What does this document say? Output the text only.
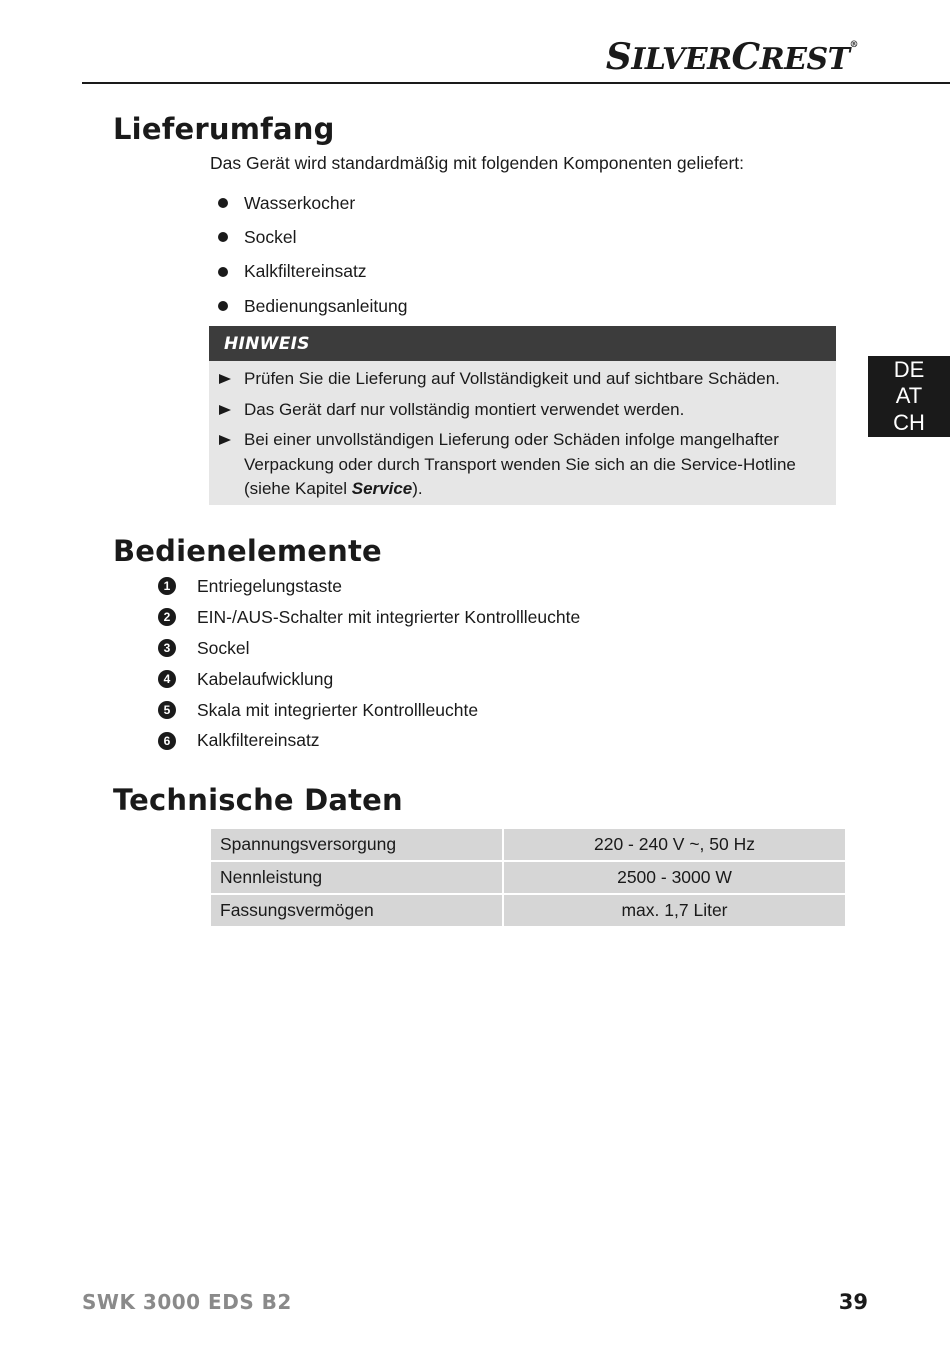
SILVERCREST®
Lieferumfang

Das Gerät wird standardmäßig mit folgenden Komponenten geliefert:

Wasserkocher
Sockel
Kalkfiltereinsatz
Bedienungsanleitung
HINWEIS
Prüfen Sie die Lieferung auf Vollständigkeit und auf sichtbare Schäden.
Das Gerät darf nur vollständig montiert verwendet werden.
Bei einer unvollständigen Lieferung oder Schäden infolge mangelhafter Verpackung oder durch Transport wenden Sie sich an die Service-Hotline (siehe Kapitel Service).
Bedienelemente
1	Entriegelungstaste
2	EIN-/AUS-Schalter mit integrierter Kontrollleuchte
3	Sockel
4	Kabelaufwicklung
5	Skala mit integrierter Kontrollleuchte
6	Kalkfiltereinsatz
Technische Daten
Spannungsversorgung	220 - 240 V ~, 50 Hz
Nennleistung	2500 - 3000 W
Fassungsvermögen	max. 1,7 Liter
DE
AT
CH
SWK 3000 EDS B2	39
